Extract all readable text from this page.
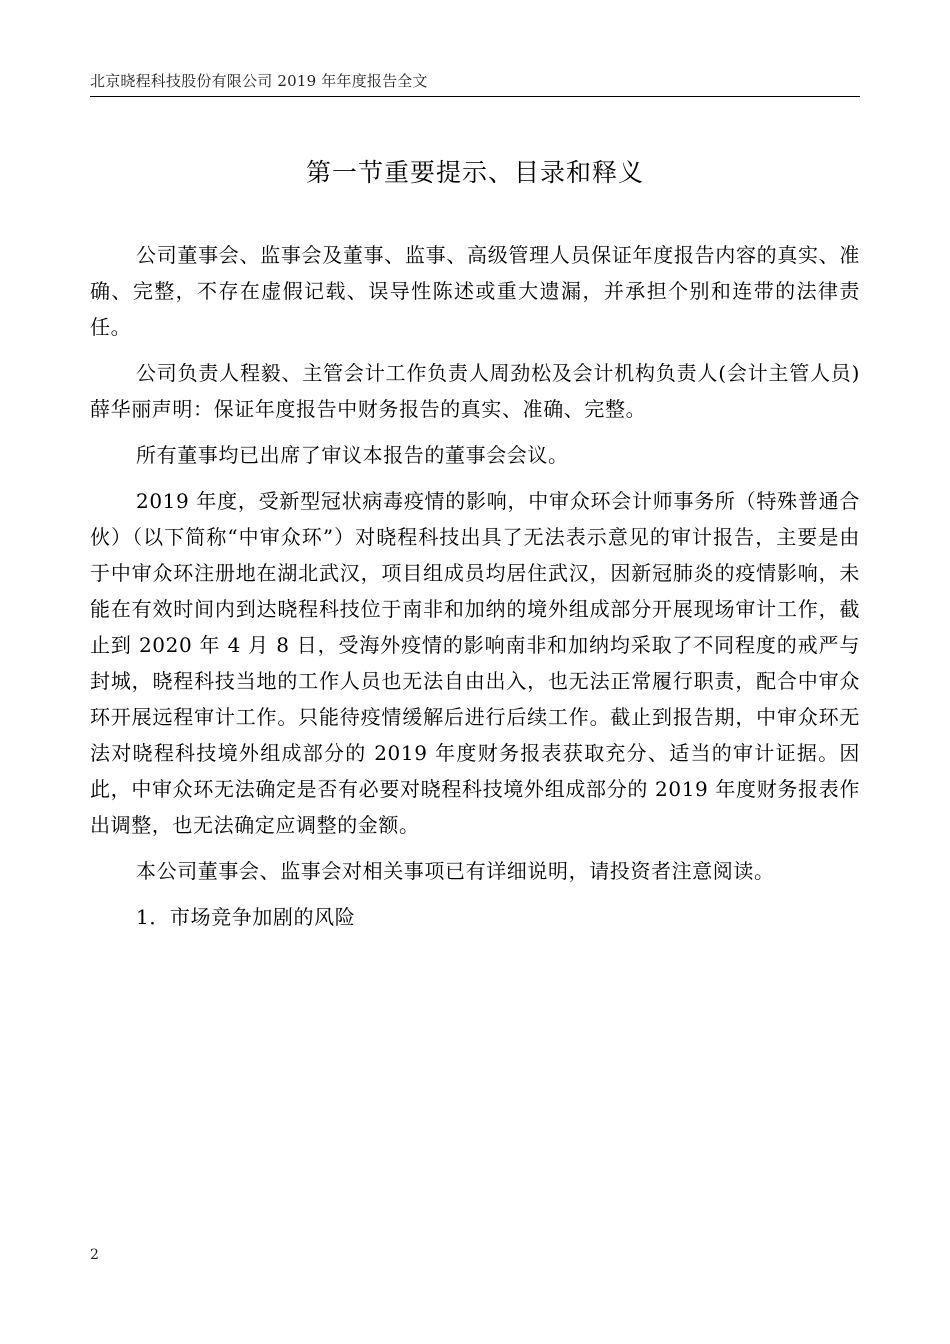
北京晓程科技股份有限公司 2019 年年度报告全文
第一节重要提示、目录和释义

公司董事会、监事会及董事、监事、高级管理人员保证年度报告内容的真实、准确、完整，不存在虚假记载、误导性陈述或重大遗漏，并承担个别和连带的法律责任。

公司负责人程毅、主管会计工作负责人周劲松及会计机构负责人(会计主管人员)薛华丽声明：保证年度报告中财务报告的真实、准确、完整。

所有董事均已出席了审议本报告的董事会会议。

2019 年度，受新型冠状病毒疫情的影响，中审众环会计师事务所（特殊普通合伙）（以下简称“中审众环”）对晓程科技出具了无法表示意见的审计报告，主要是由于中审众环注册地在湖北武汉，项目组成员均居住武汉，因新冠肺炎的疫情影响，未能在有效时间内到达晓程科技位于南非和加纳的境外组成部分开展现场审计工作，截止到 2020 年 4 月 8 日，受海外疫情的影响南非和加纳均采取了不同程度的戒严与封城，晓程科技当地的工作人员也无法自由出入，也无法正常履行职责，配合中审众环开展远程审计工作。只能待疫情缓解后进行后续工作。截止到报告期，中审众环无法对晓程科技境外组成部分的 2019 年度财务报表获取充分、适当的审计证据。因此，中审众环无法确定是否有必要对晓程科技境外组成部分的 2019 年度财务报表作出调整，也无法确定应调整的金额。

本公司董事会、监事会对相关事项已有详细说明，请投资者注意阅读。

1．市场竞争加剧的风险

2
